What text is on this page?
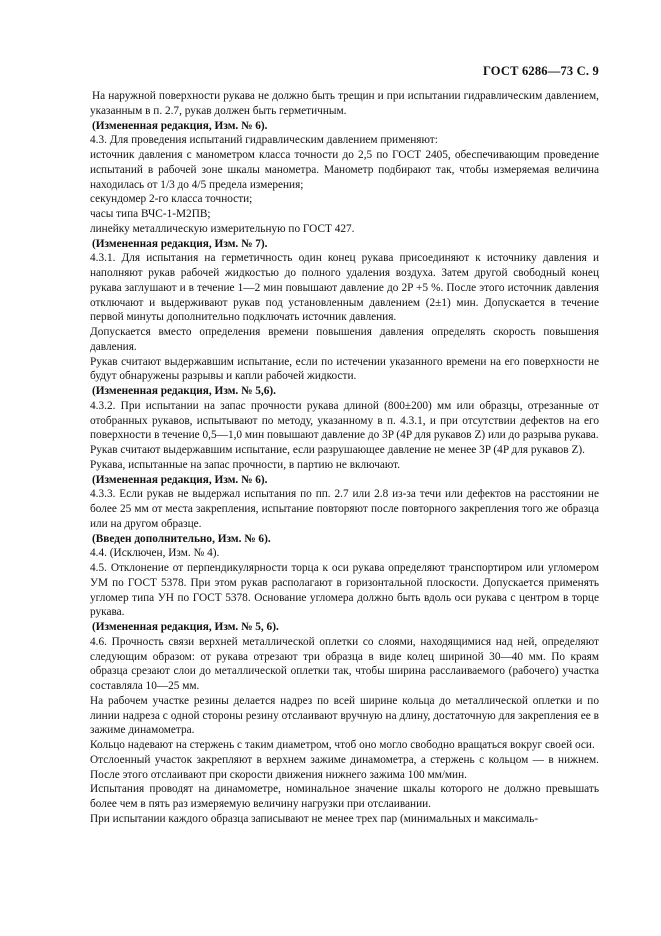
ГОСТ 6286—73 С. 9

На наружной поверхности рукава не должно быть трещин и при испытании гидравлическим давлением, указанным в п. 2.7, рукав должен быть герметичным.

(Измененная редакция, Изм. № 6).

4.3. Для проведения испытаний гидравлическим давлением применяют:

источник давления с манометром класса точности до 2,5 по ГОСТ 2405, обеспечивающим проведение испытаний в рабочей зоне шкалы манометра. Манометр подбирают так, чтобы измеряемая величина находилась от 1/3 до 4/5 предела измерения;

секундомер 2-го класса точности;

часы типа ВЧС-1-М2ПВ;

линейку металлическую измерительную по ГОСТ 427.

(Измененная редакция, Изм. № 7).

4.3.1. Для испытания на герметичность один конец рукава присоединяют к источнику давления и наполняют рукав рабочей жидкостью до полного удаления воздуха. Затем другой свободный конец рукава заглушают и в течение 1—2 мин повышают давление до 2P +5 %. После этого источник давления отключают и выдерживают рукав под установленным давлением (2±1) мин. Допускается в течение первой минуты дополнительно подключать источник давления.

Допускается вместо определения времени повышения давления определять скорость повышения давления.

Рукав считают выдержавшим испытание, если по истечении указанного времени на его поверхности не будут обнаружены разрывы и капли рабочей жидкости.

(Измененная редакция, Изм. № 5,6).

4.3.2. При испытании на запас прочности рукава длиной (800±200) мм или образцы, отрезанные от отобранных рукавов, испытывают по методу, указанному в п. 4.3.1, и при отсутствии дефектов на его поверхности в течение 0,5—1,0 мин повышают давление до 3P (4P для рукавов Z) или до разрыва рукава.

Рукав считают выдержавшим испытание, если разрушающее давление не менее 3P (4P для рукавов Z).

Рукава, испытанные на запас прочности, в партию не включают.

(Измененная редакция, Изм. № 6).

4.3.3. Если рукав не выдержал испытания по пп. 2.7 или 2.8 из-за течи или дефектов на расстоянии не более 25 мм от места закрепления, испытание повторяют после повторного закрепления того же образца или на другом образце.

(Введен дополнительно, Изм. № 6).

4.4. (Исключен, Изм. № 4).

4.5. Отклонение от перпендикулярности торца к оси рукава определяют транспортиром или угломером УМ по ГОСТ 5378. При этом рукав располагают в горизонтальной плоскости. Допускается применять угломер типа УН по ГОСТ 5378. Основание угломера должно быть вдоль оси рукава с центром в торце рукава.

(Измененная редакция, Изм. № 5, 6).

4.6. Прочность связи верхней металлической оплетки со слоями, находящимися над ней, определяют следующим образом: от рукава отрезают три образца в виде колец шириной 30—40 мм. По краям образца срезают слои до металлической оплетки так, чтобы ширина расслаиваемого (рабочего) участка составляла 10—25 мм.

На рабочем участке резины делается надрез по всей ширине кольца до металлической оплетки и по линии надреза с одной стороны резину отслаивают вручную на длину, достаточную для закрепления ее в зажиме динамометра.

Кольцо надевают на стержень с таким диаметром, чтоб оно могло свободно вращаться вокруг своей оси.

Отслоенный участок закрепляют в верхнем зажиме динамометра, а стержень с кольцом — в нижнем. После этого отслаивают при скорости движения нижнего зажима 100 мм/мин.

Испытания проводят на динамометре, номинальное значение шкалы которого не должно превышать более чем в пять раз измеряемую величину нагрузки при отслаивании.

При испытании каждого образца записывают не менее трех пар (минимальных и максималь-
